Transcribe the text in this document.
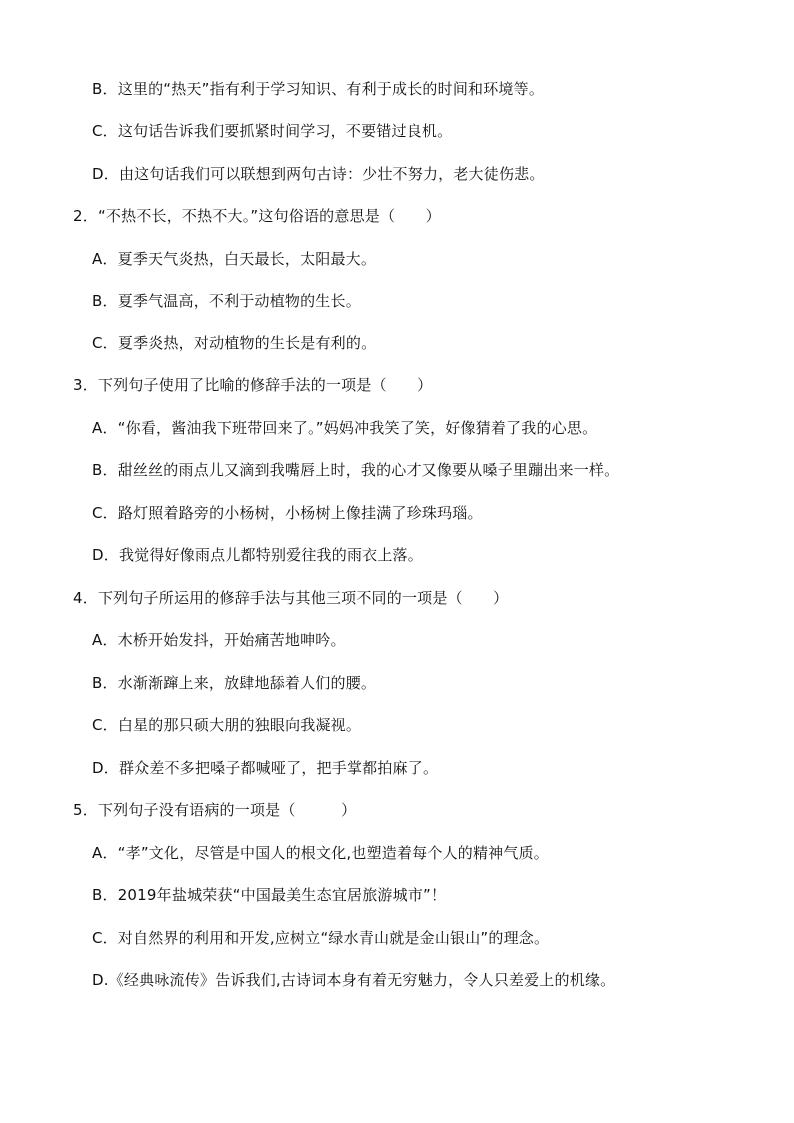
B．这里的“热天”指有利于学习知识、有利于成长的时间和环境等。
C．这句话告诉我们要抓紧时间学习，不要错过良机。
D．由这句话我们可以联想到两句古诗：少壮不努力，老大徒伤悲。
2．“不热不长，不热不大。”这句俗语的意思是（　　）
A．夏季天气炎热，白天最长，太阳最大。
B．夏季气温高，不利于动植物的生长。
C．夏季炎热，对动植物的生长是有利的。
3．下列句子使用了比喻的修辞手法的一项是（　　）
A．“你看，酱油我下班带回来了。”妈妈冲我笑了笑，好像猜着了我的心思。
B．甜丝丝的雨点儿又滴到我嘴唇上时，我的心才又像要从嗓子里蹦出来一样。
C．路灯照着路旁的小杨树，小杨树上像挂满了珍珠玛瑙。
D．我觉得好像雨点儿都特别爱往我的雨衣上落。
4．下列句子所运用的修辞手法与其他三项不同的一项是（　　）
A．木桥开始发抖，开始痛苦地呻吟。
B．水渐渐蹿上来，放肆地舔着人们的腰。
C．白星的那只硕大朋的独眼向我凝视。
D．群众差不多把嗓子都喊哑了，把手掌都拍麻了。
5．下列句子没有语病的一项是（　　　）
A．“孝”文化，尽管是中国人的根文化,也塑造着每个人的精神气质。
B．2019年盐城荣获“中国最美生态宜居旅游城市”！
C．对自然界的利用和开发,应树立“绿水青山就是金山银山”的理念。
D.《经典咏流传》告诉我们,古诗词本身有着无穷魅力，令人只差爱上的机缘。
